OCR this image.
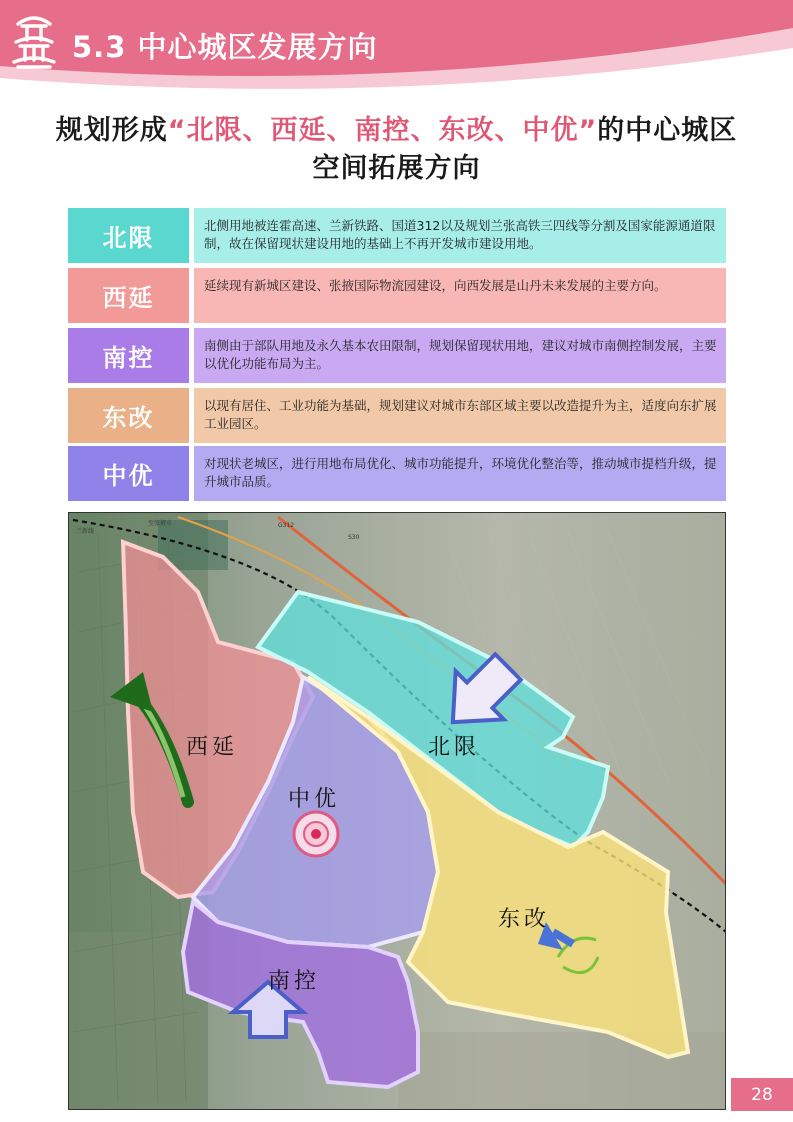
5.3 中心城区发展方向
规划形成“北限、西延、南控、东改、中优”的中心城区
空间拓展方向
北限	北侧用地被连霍高速、兰新铁路、国道312以及规划兰张高铁三四线等分割及国家能源通道限制，故在保留现状建设用地的基础上不再开发城市建设用地。
西延	延续现有新城区建设、张掖国际物流园建设，向西发展是山丹未来发展的主要方向。
南控	南侧由于部队用地及永久基本农田限制，规划保留现状用地，建议对城市南侧控制发展，主要以优化功能布局为主。
东改	以现有居住、工业功能为基础，规划建议对城市东部区域主要以改造提升为主，适度向东扩展工业园区。
中优	对现状老城区，进行用地布局优化、城市功能提升，环境优化整治等，推动城市提档升级，提升城市品质。
兰新线
G312
至张掖市
S30
西延	北限
中优
东改
南控
28
